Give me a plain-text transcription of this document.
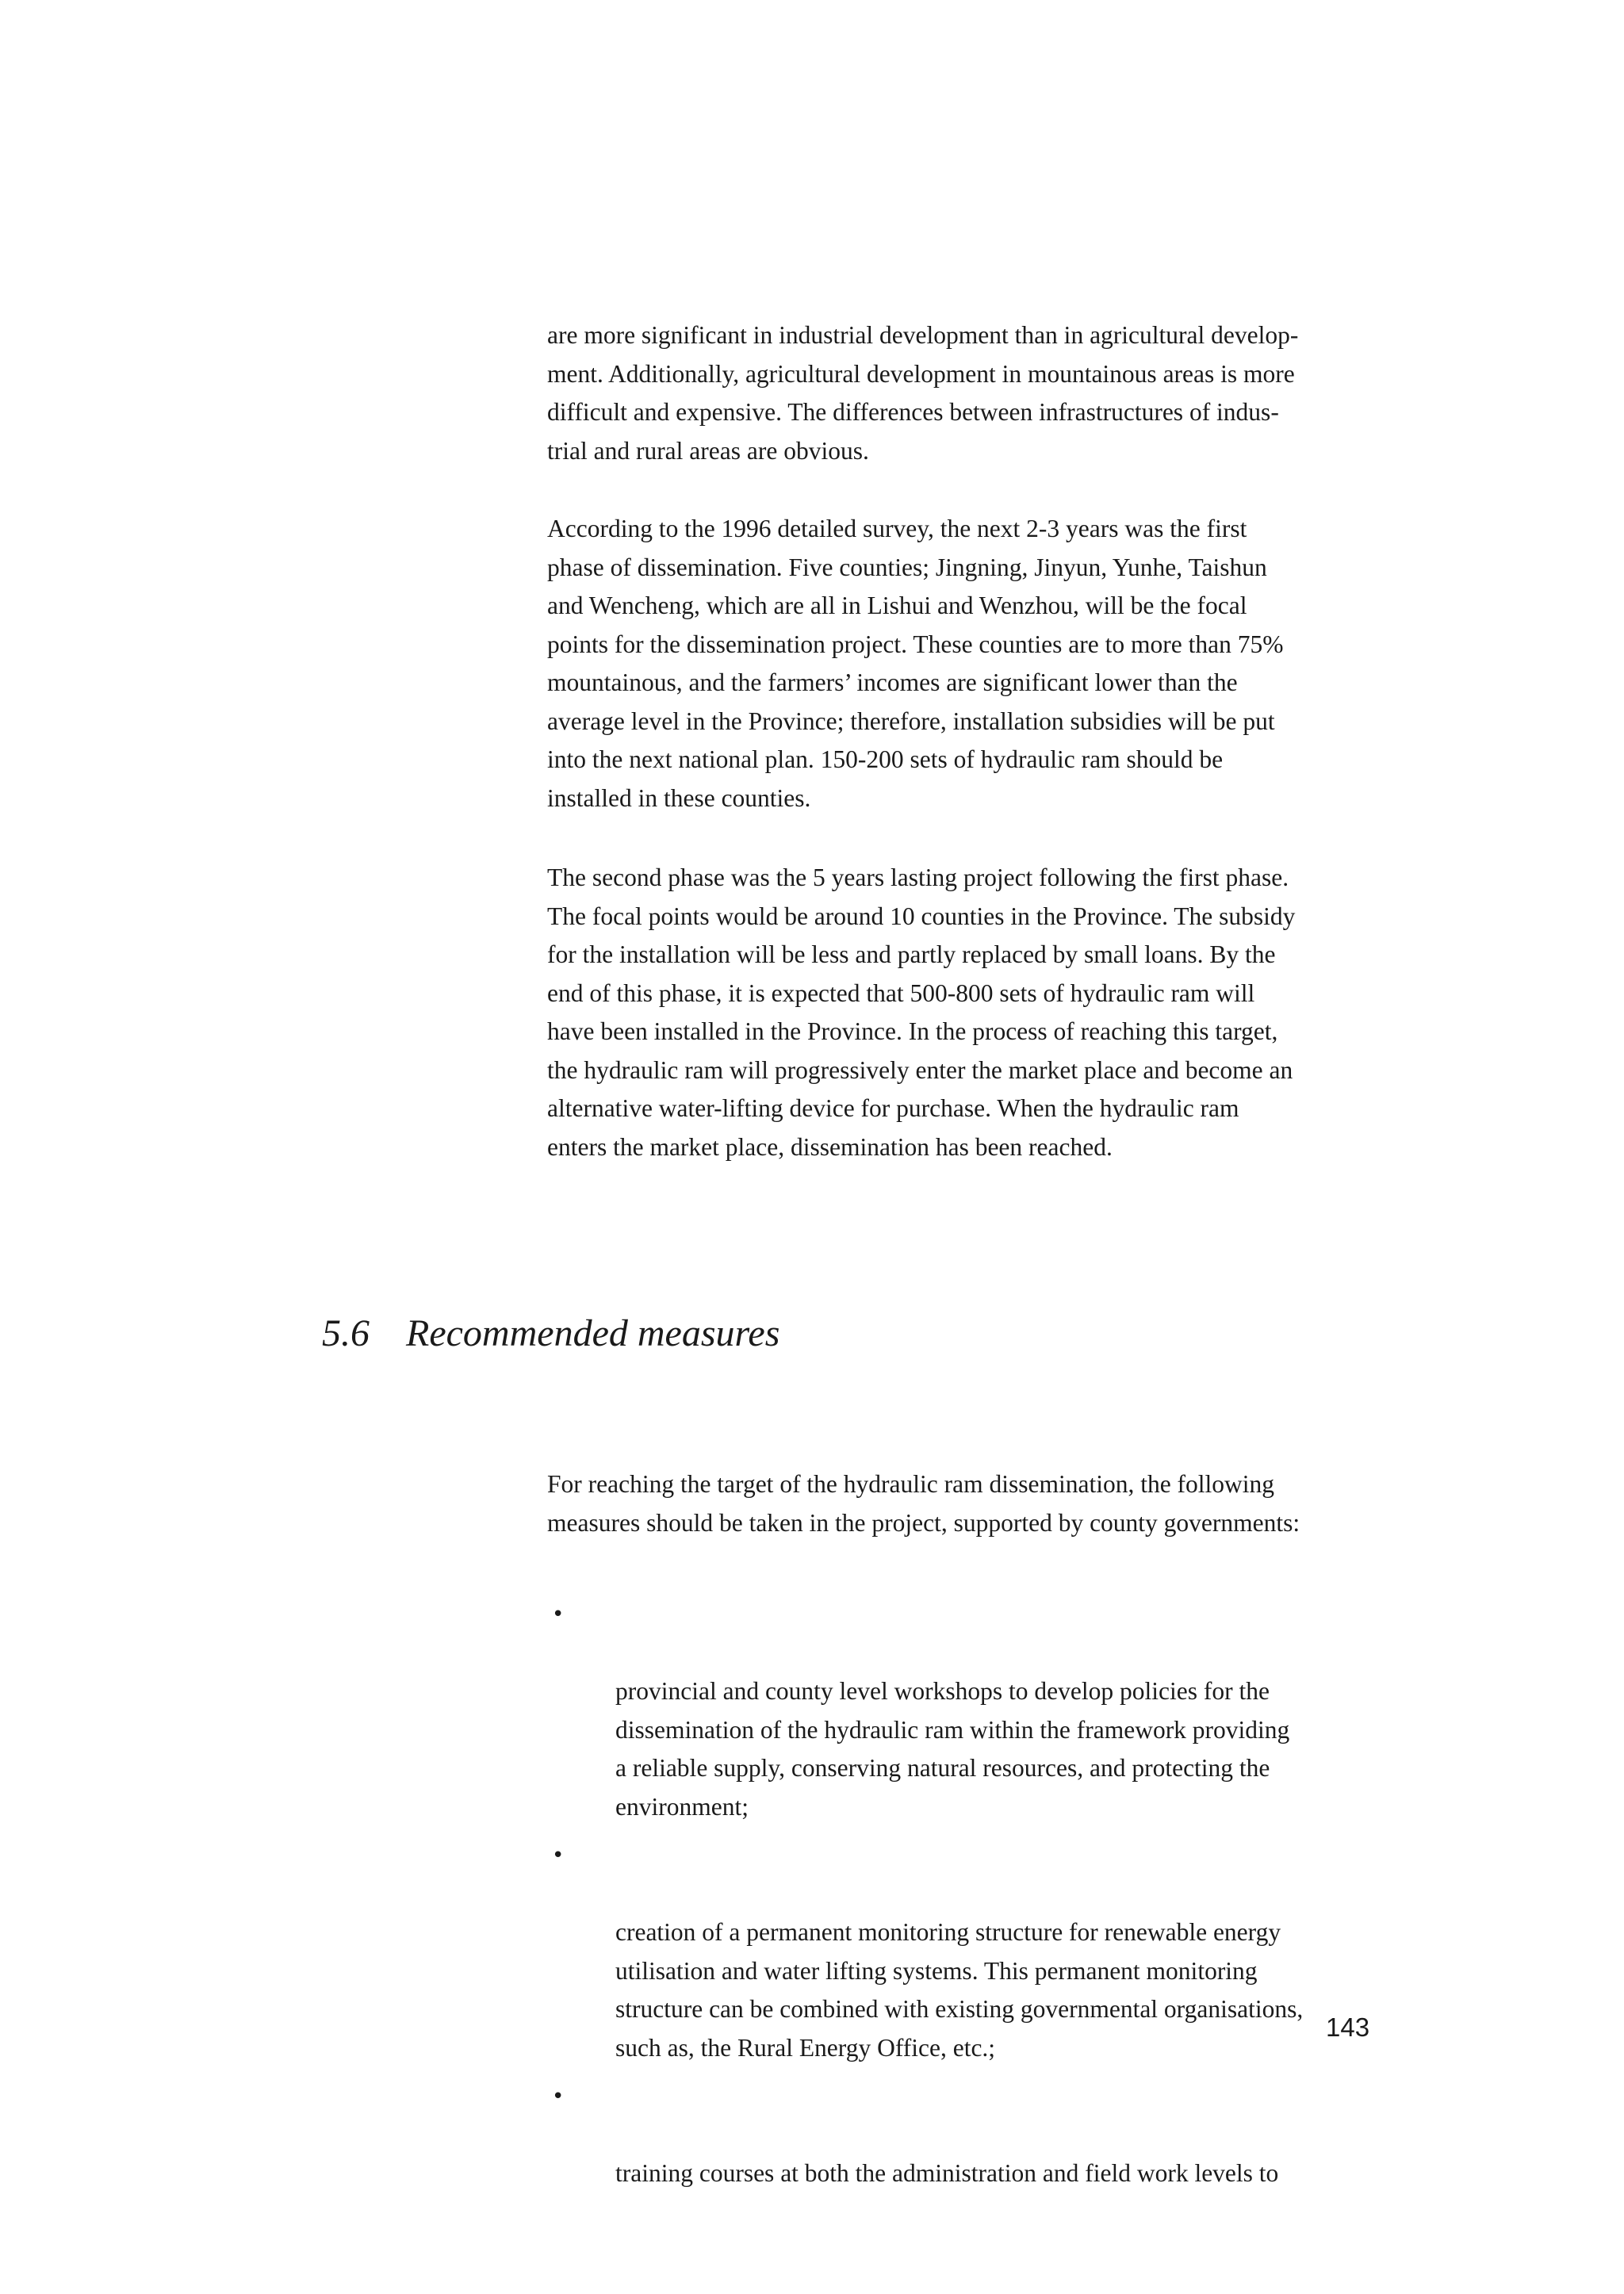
are more significant in industrial development than in agricultural develop-
ment. Additionally, agricultural development in mountainous areas is more
difficult and expensive. The differences between infrastructures of indus-
trial and rural areas are obvious.

According to the 1996 detailed survey, the next 2-3 years was the first
phase of dissemination. Five counties; Jingning, Jinyun, Yunhe, Taishun
and Wencheng, which are all in Lishui and Wenzhou, will be the focal
points for the dissemination project. These counties are to more than 75%
mountainous, and the farmers’ incomes are significant lower than the
average level in the Province; therefore, installation subsidies will be put
into the next national plan. 150-200 sets of hydraulic ram should be
installed in these counties.

The second phase was the 5 years lasting project following the first phase.
The focal points would be around 10 counties in the Province. The subsidy
for the installation will be less and partly replaced by small loans. By the
end of this phase, it is expected that 500-800 sets of hydraulic ram will
have been installed in the Province. In the process of reaching this target,
the hydraulic ram will progressively enter the market place and become an
alternative water-lifting device for purchase. When the hydraulic ram
enters the market place, dissemination has been reached.

5.6 Recommended measures

For reaching the target of the hydraulic ram dissemination, the following
measures should be taken in the project, supported by county governments:

•

provincial and county level workshops to develop policies for the
dissemination of the hydraulic ram within the framework providing
a reliable supply, conserving natural resources, and protecting the
environment;

•

creation of a permanent monitoring structure for renewable energy
utilisation and water lifting systems. This permanent monitoring
structure can be combined with existing governmental organisations,
such as, the Rural Energy Office, etc.;

•

training courses at both the administration and field work levels to

143
